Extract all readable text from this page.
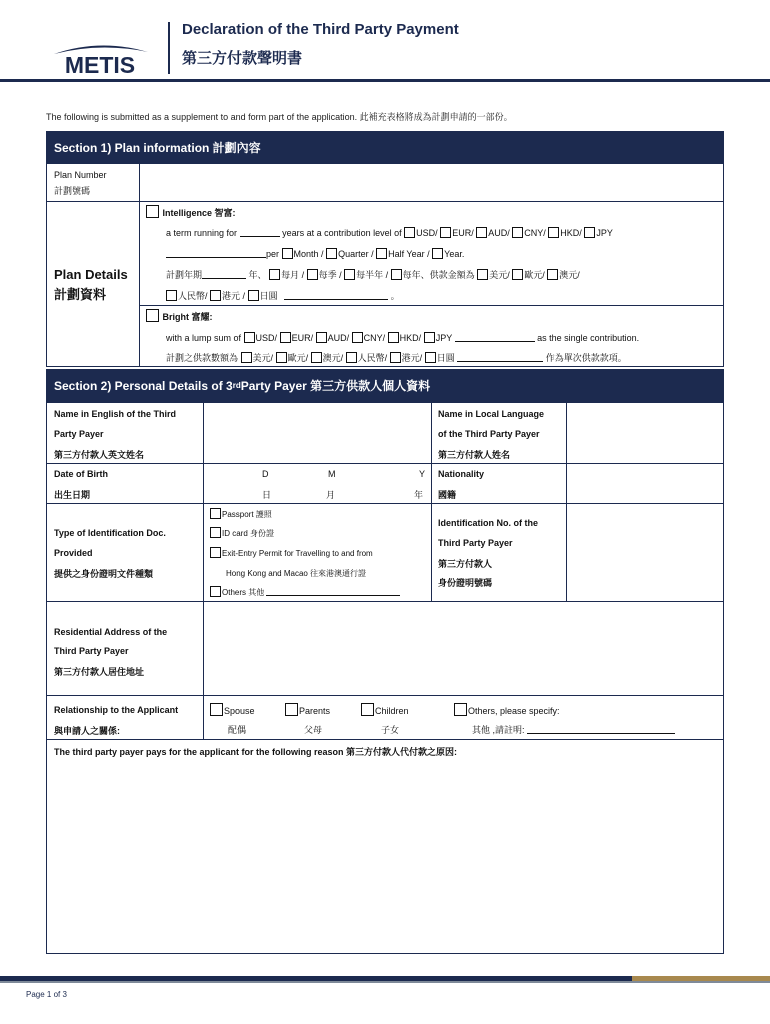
METIS
Declaration of the Third Party Payment
第三方付款聲明書
The following is submitted as a supplement to and form part of the application. 此補充表格將成為計劃申請的一部份。
Section 1) Plan information 計劃內容
Plan Number
計劃號碼
Plan Details
計劃資料
Intelligence 智富:
a term running for	years at a contribution level of USD/ EUR/ AUD/ CNY/ HKD/ JPY
per Month / Quarter / Half Year / Year.
計劃年期	年、 每月 / 每季 / 每半年 / 每年、供款金額為 美元/ 歐元/ 澳元/
人民幣/ 港元 / 日圓	。
Bright 富耀:
with a lump sum of USD/ EUR/ AUD/ CNY/ HKD/ JPY	as the single contribution.
計劃之供款數額為 美元/ 歐元/ 澳元/ 人民幣/ 港元/ 日圓	作為單次供款款項。
Section 2) Personal Details of 3 rd Party Payer 第三方供款人個人資料
Name in English of the Third
Party Payer
第三方付款人英文姓名
Name in Local Language
of the Third Party Payer
第三方付款人姓名
Date of Birth
出生日期
D	M	Y
日	月	年
Nationality
國籍
Type of Identification Doc.
Provided
提供之身份證明文件種類
Passport 護照
ID card 身份證
Exit-Entry Permit for Travelling to and from
Hong Kong and Macao 往來港澳通行證
Others 其他
Identification No. of the
Third Party Payer
第三方付款人
身份證明號碼
Residential Address of the
Third Party Payer
第三方付款人居住地址
Relationship to the Applicant
與申請人之關係:
Spouse
配偶
Parents
父母
Children
子女
Others, please specify:
其他 ,請註明:
The third party payer pays for the applicant for the following reason 第三方付款人代付款之原因:
Page 1 of 3
